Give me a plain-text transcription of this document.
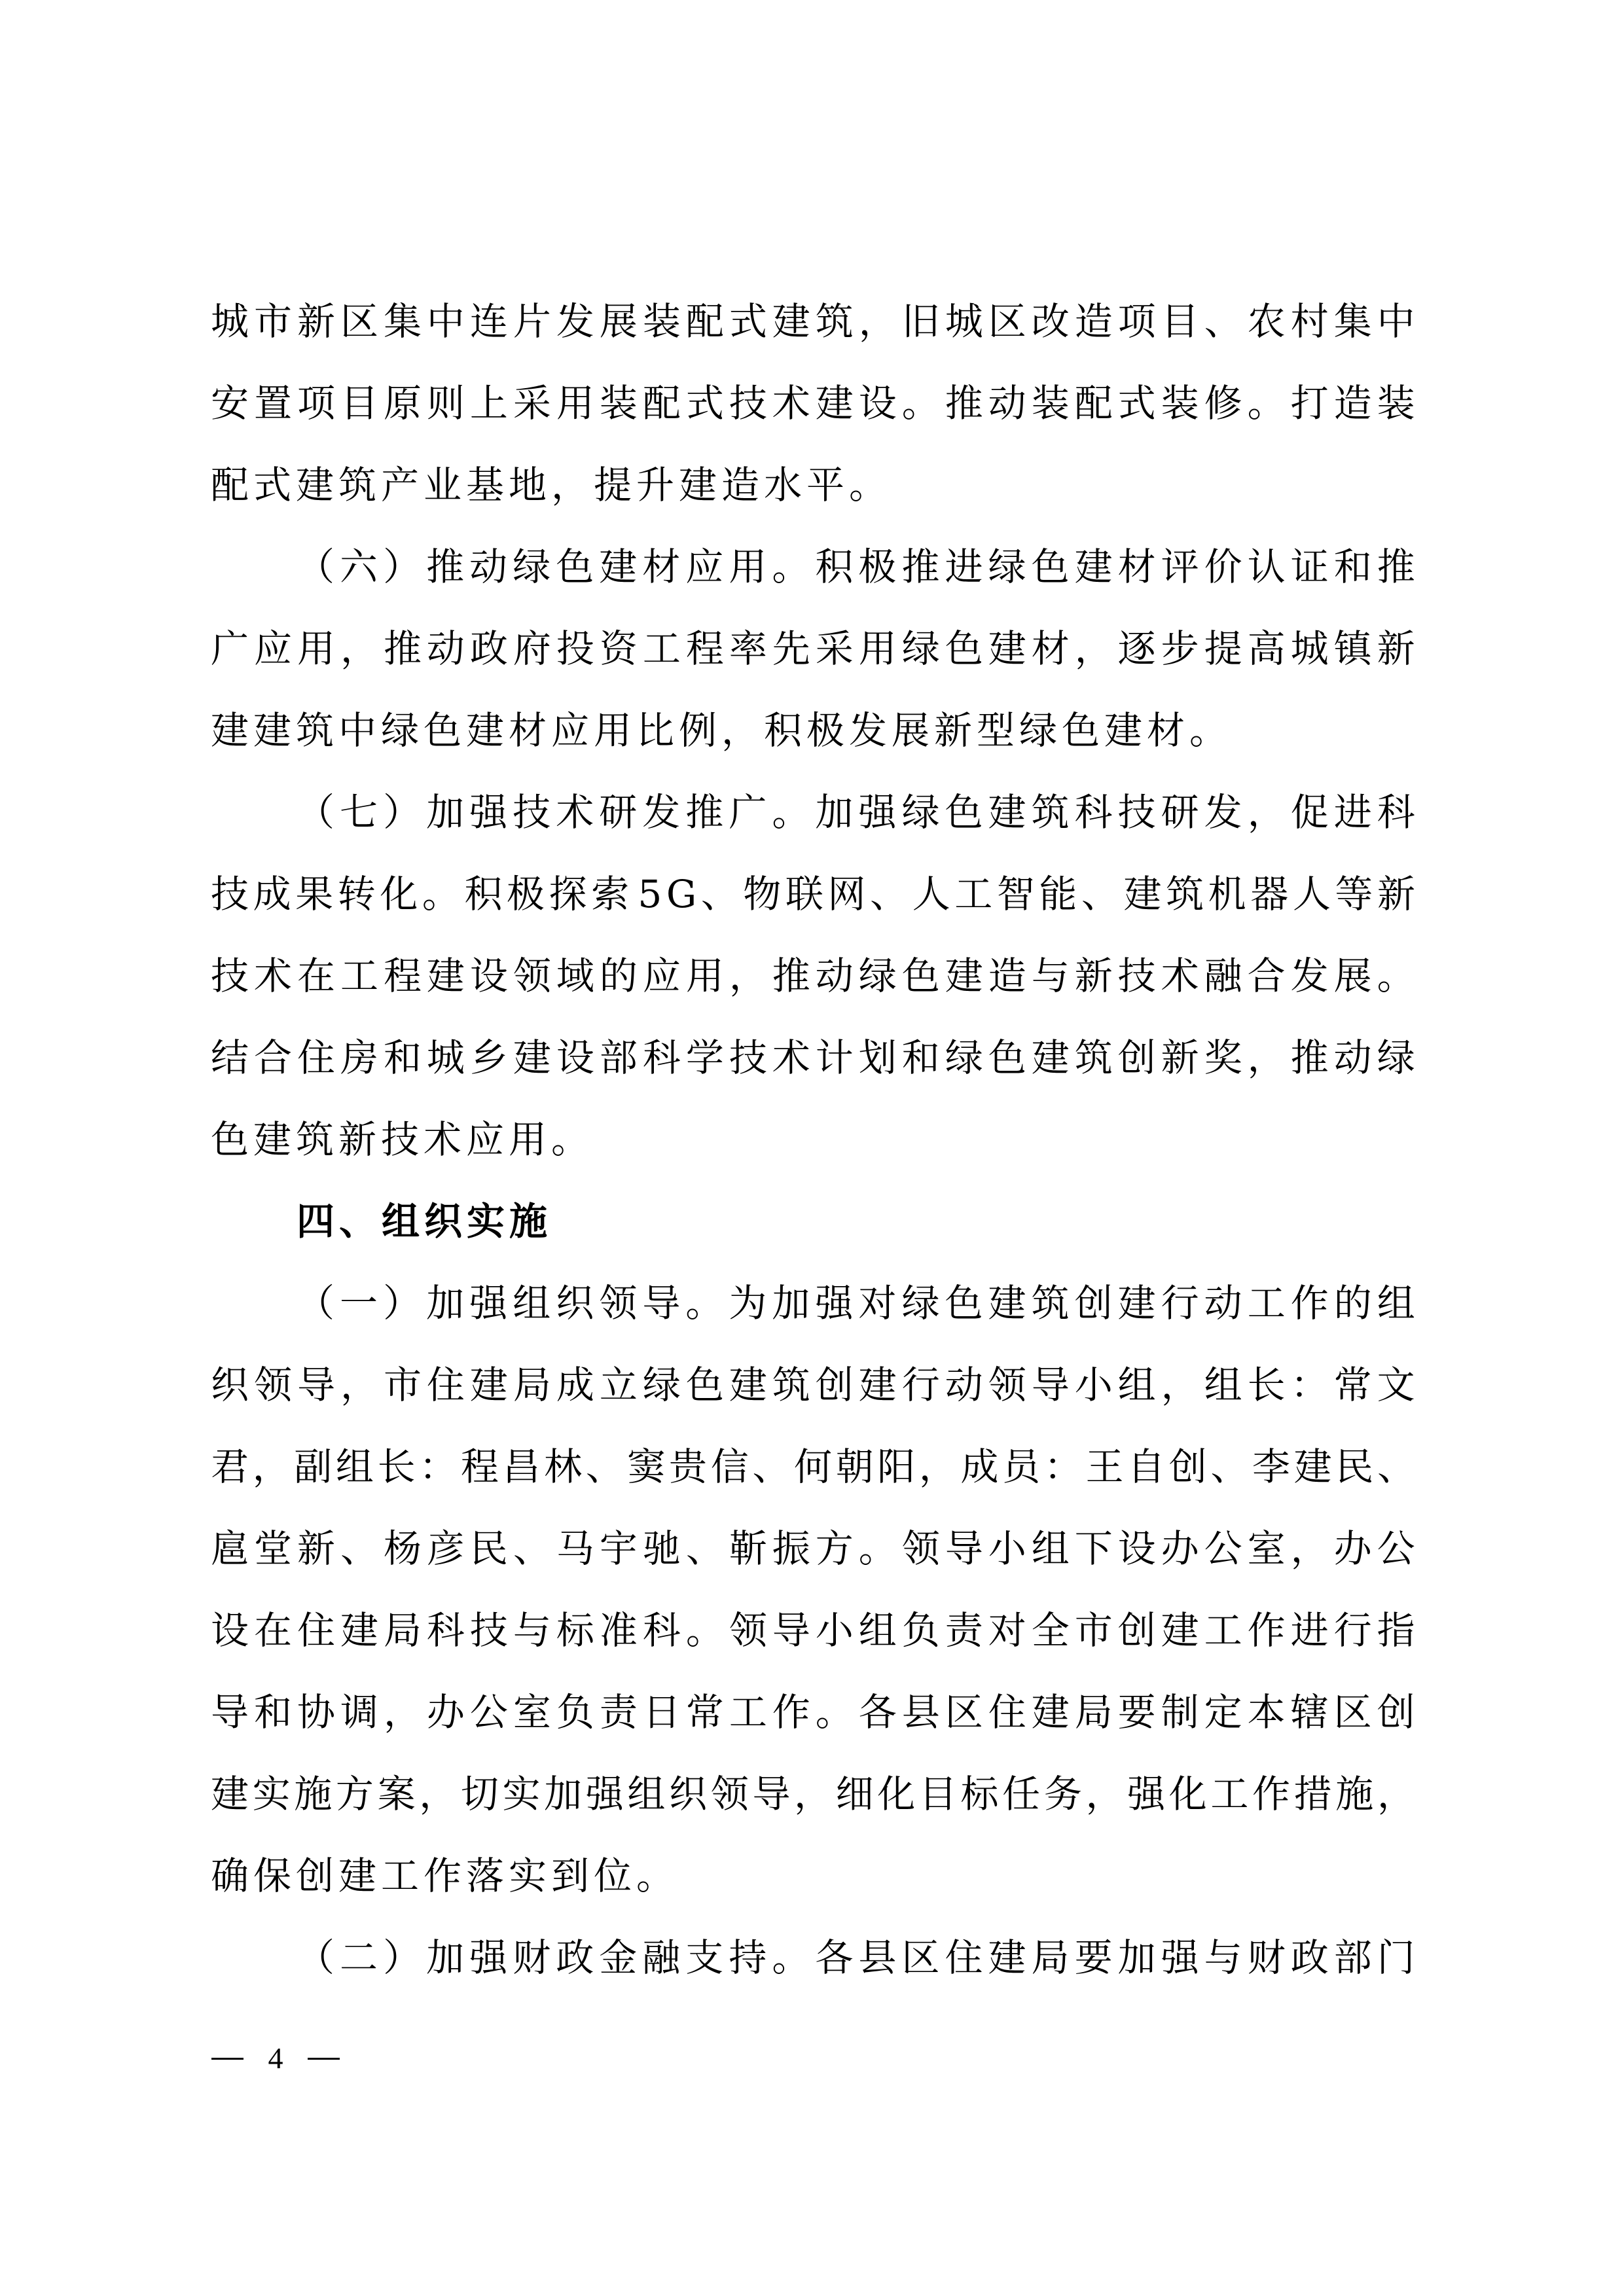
城 市 新 区 集 中 连 片 发 展 装 配 式 建 筑 ， 旧 城 区 改 造 项 目 、 农 村 集 中
安 置 项 目 原 则 上 采 用 装 配 式 技 术 建 设 。 推 动 装 配 式 装 修 。 打 造 装
配式建筑产业基地，提升建造水平。
（ 六 ） 推 动 绿 色 建 材 应 用 。 积 极 推 进 绿 色 建 材 评 价 认 证 和 推
广 应 用 ， 推 动 政 府 投 资 工 程 率 先 采 用 绿 色 建 材 ， 逐 步 提 高 城 镇 新
建建筑中绿色建材应用比例，积极发展新型绿色建材。
（ 七 ） 加 强 技 术 研 发 推 广 。 加 强 绿 色 建 筑 科 技 研 发 ， 促 进 科
技 成 果 转 化 。 积 极 探 索
5 G 、 物 联 网 、 人 工 智 能 、 建 筑 机 器 人 等 新
技 术 在 工 程 建 设 领 域 的 应 用 ， 推 动 绿 色 建 造 与 新 技 术 融 合 发 展 。
结 合 住 房 和 城 乡 建 设 部 科 学 技 术 计 划 和 绿 色 建 筑 创 新 奖 ， 推 动 绿
色建筑新技术应用。
四、组织实施
（ 一 ） 加 强 组 织 领 导 。 为 加 强 对 绿 色 建 筑 创 建 行 动 工 作 的 组
织 领 导 ， 市 住 建 局 成 立 绿 色 建 筑 创 建 行 动 领 导 小 组 ， 组 长 ： 常 文
君 ， 副 组 长 ： 程 昌 林 、 窦 贵 信 、 何 朝 阳 ， 成 员 ： 王 自 创 、 李 建 民 、
扈 堂 新 、 杨 彦 民 、 马 宇 驰 、 靳 振 方 。 领 导 小 组 下 设 办 公 室 ， 办 公
设 在 住 建 局 科 技 与 标 准 科 。 领 导 小 组 负 责 对 全 市 创 建 工 作 进 行 指
导 和 协 调 ， 办 公 室 负 责 日 常 工 作 。 各 县 区 住 建 局 要 制 定 本 辖 区 创
建 实 施 方 案 ， 切 实 加 强 组 织 领 导 ， 细 化 目 标 任 务 ， 强 化 工 作 措 施 ，
确保创建工作落实到位。
（ 二 ） 加 强 财 政 金 融 支 持 。 各 县 区 住 建 局 要 加 强 与 财 政 部 门
4
